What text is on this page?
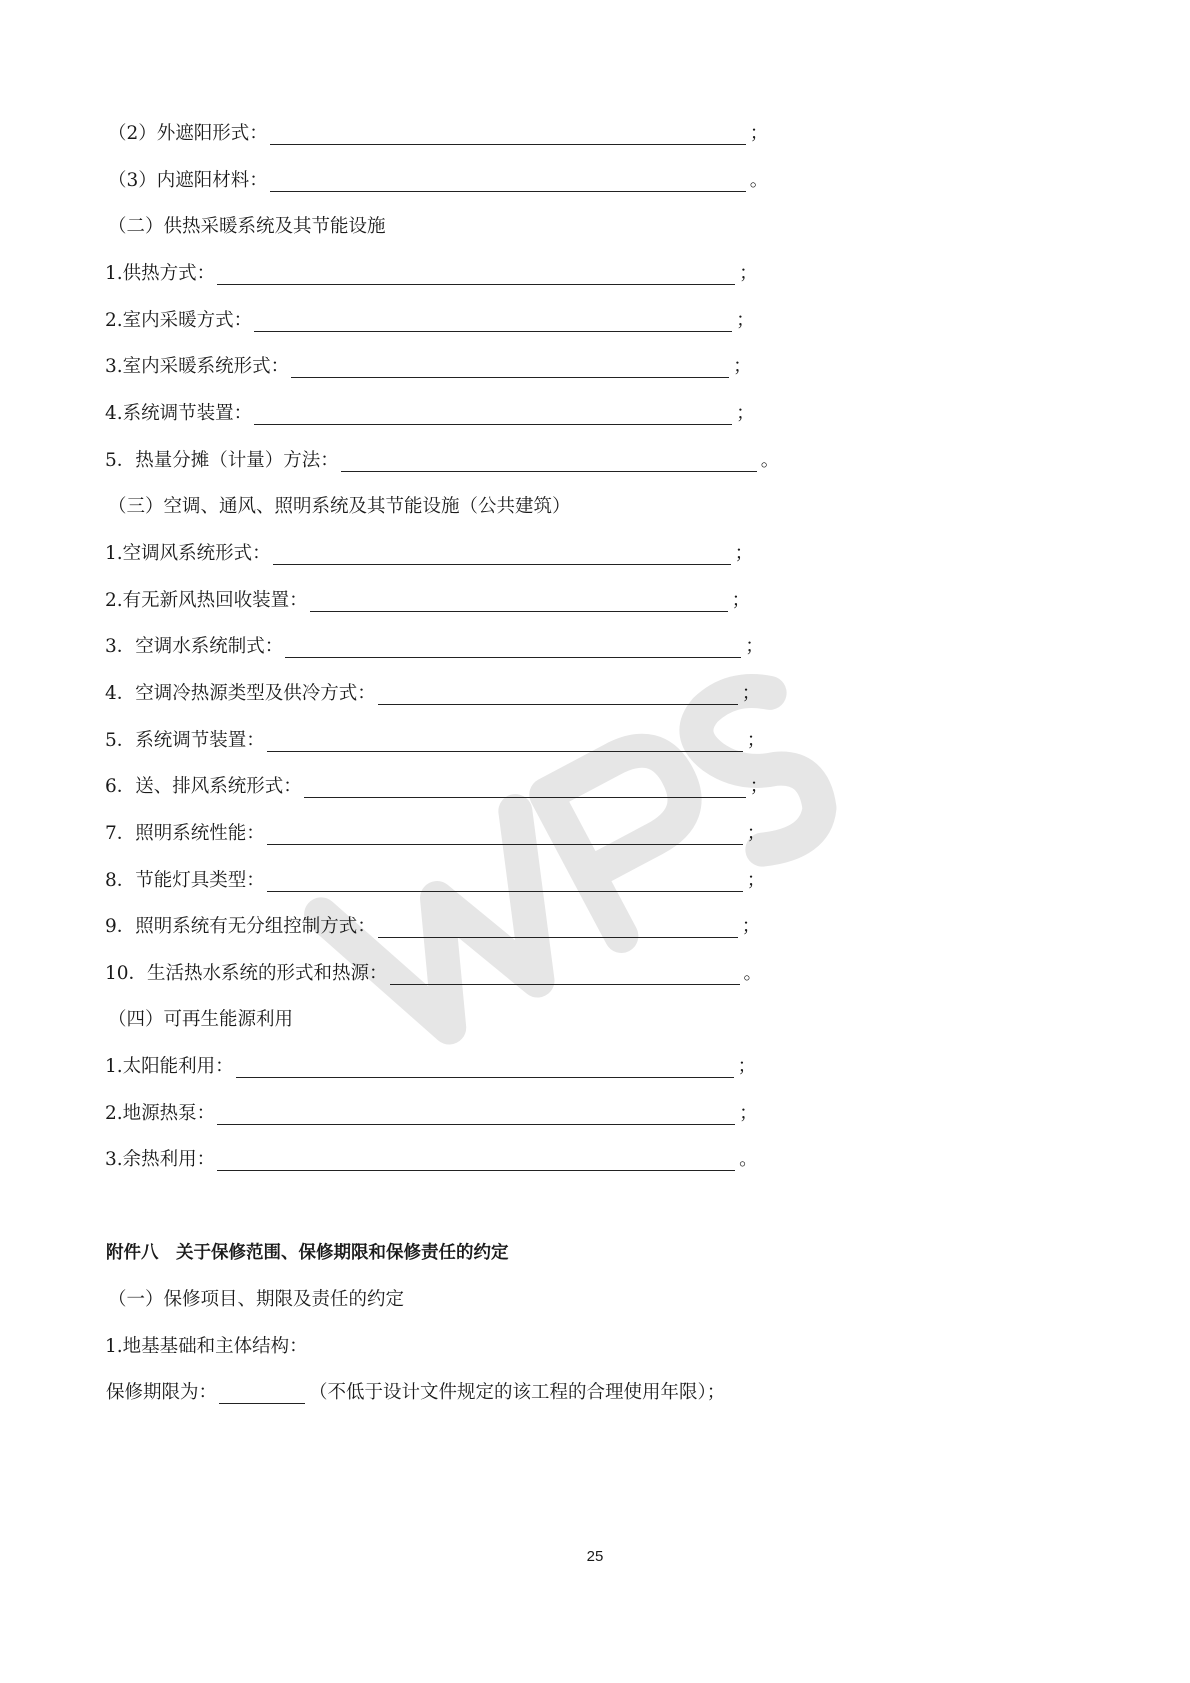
（2）外遮阳形式：	；
（3）内遮阳材料：	。
（二）供热采暖系统及其节能设施
1.供热方式：	；
2.室内采暖方式：	；
3.室内采暖系统形式：	；
4.系统调节装置：	；
5．热量分摊（计量）方法：	。
（三）空调、通风、照明系统及其节能设施（公共建筑）
1.空调风系统形式：	；
2.有无新风热回收装置：	；
3．空调水系统制式：	；
4．空调冷热源类型及供冷方式：	；
5．系统调节装置：	；
6．送、排风系统形式：	；
7．照明系统性能：	；
8．节能灯具类型：	；
9．照明系统有无分组控制方式：	；
10．生活热水系统的形式和热源：	。
（四）可再生能源利用
1.太阳能利用：	；
2.地源热泵：	；
3.余热利用：	。
附件八　关于保修范围、保修期限和保修责任的约定
（一）保修项目、期限及责任的约定
1.地基基础和主体结构：
保修期限为：	（不低于设计文件规定的该工程的合理使用年限）；
25
